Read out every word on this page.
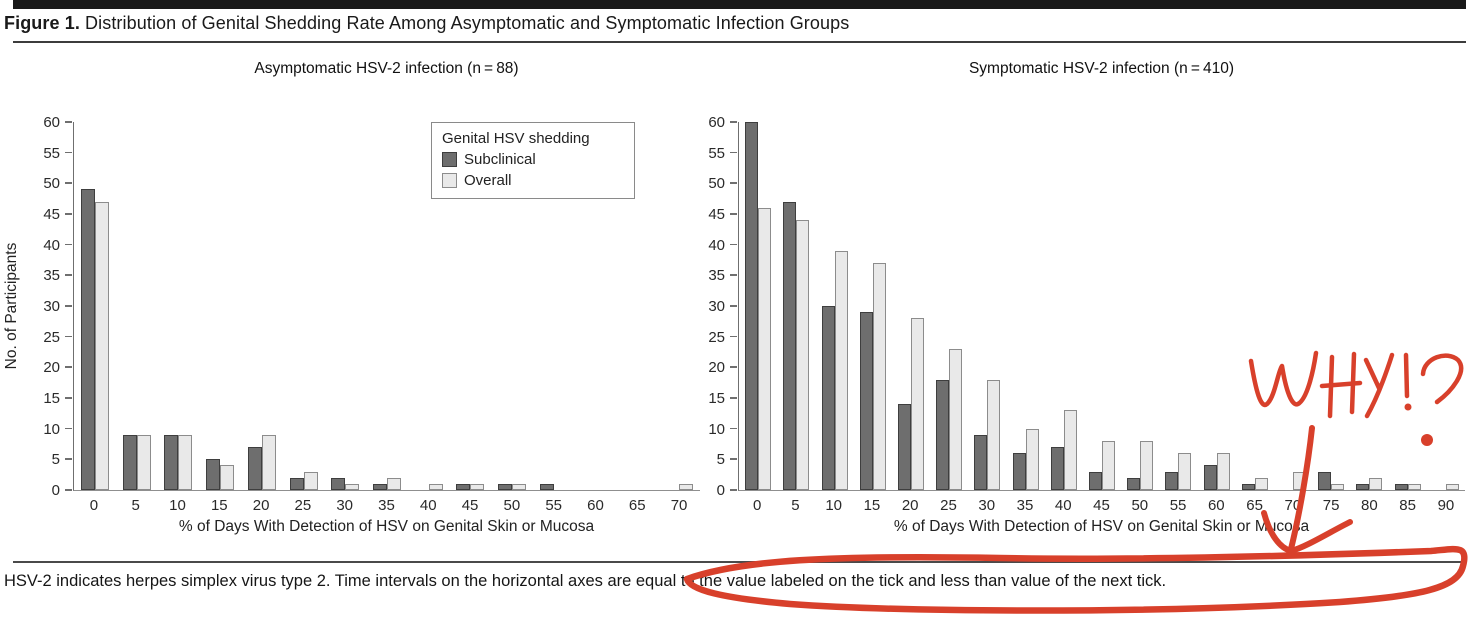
Figure 1. Distribution of Genital Shedding Rate Among Asymptomatic and Symptomatic Infection Groups
Asymptomatic HSV-2 infection (n = 88)
0
5
10
15
20
25
30
35
40
45
50
55
60
No. of Participants
Genital HSV shedding
Subclinical
Overall
0	5	10	15	20	25	30	35	40	45	50	55	60	65	70
% of Days With Detection of HSV on Genital Skin or Mucosa
Symptomatic HSV-2 infection (n = 410)
0
5
10
15
20
25
30
35
40
45
50
55
60
0	5	10	15	20	25	30	35	40	45	50	55	60	65	70	75	80	85	90
% of Days With Detection of HSV on Genital Skin or Mucosa
HSV-2 indicates herpes simplex virus type 2. Time intervals on the horizontal axes are equal to the value labeled on the tick and less than value of the next tick.
